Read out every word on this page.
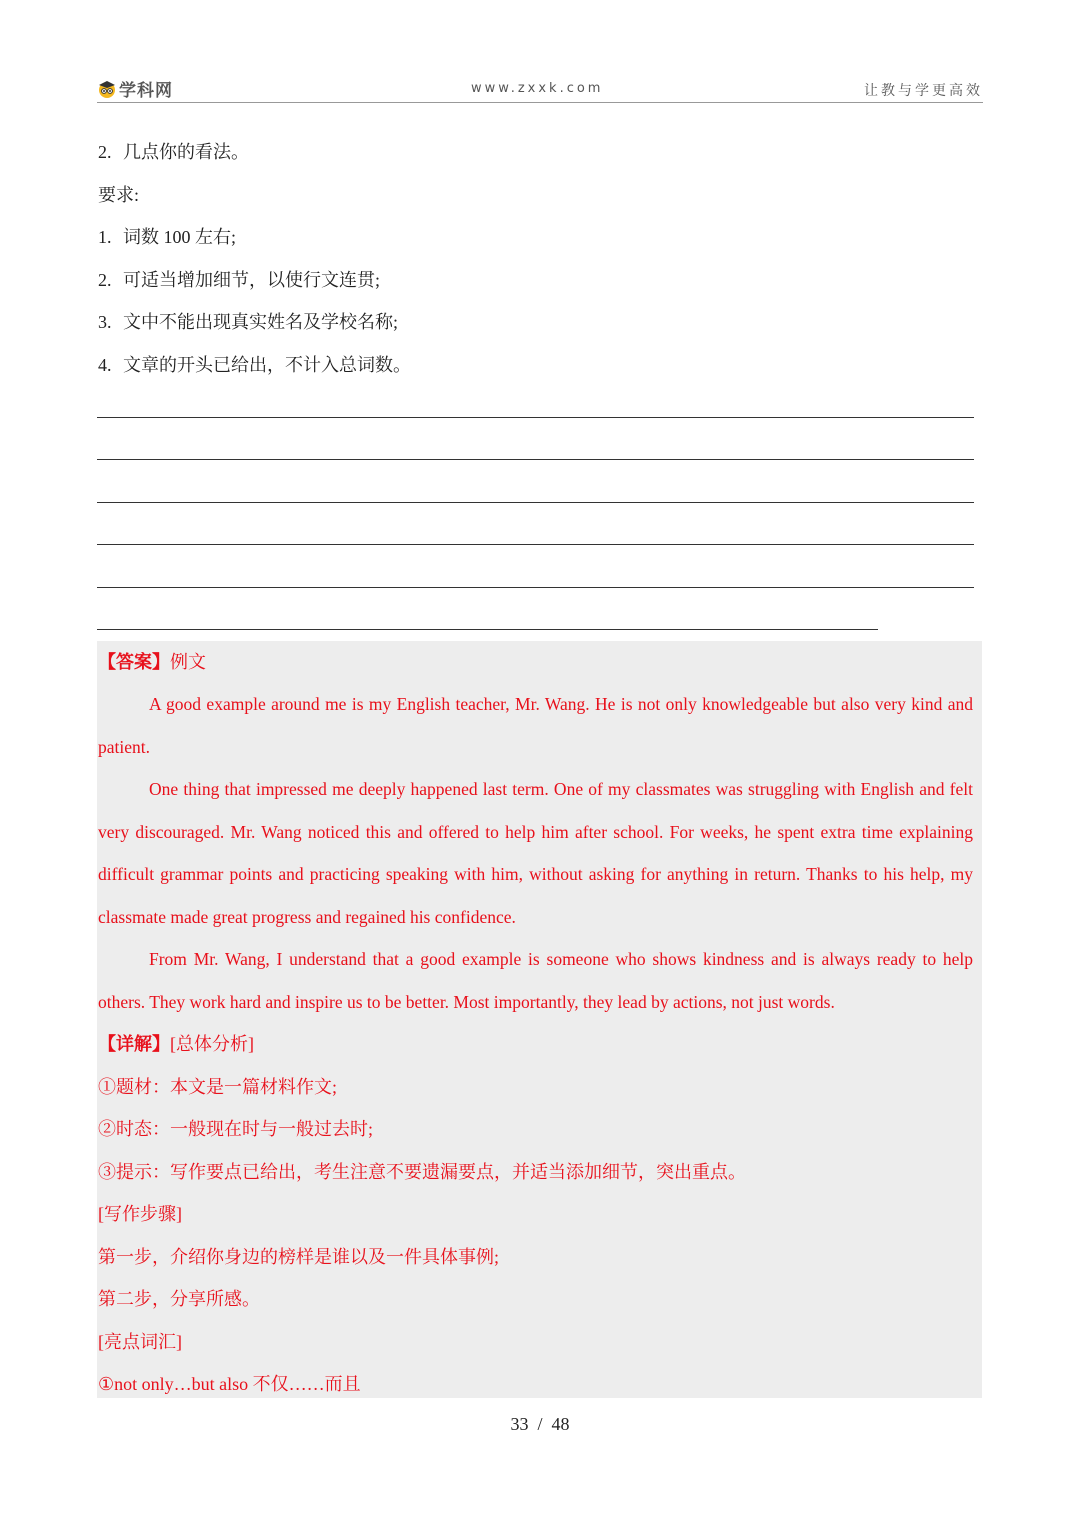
学科网	www.zxxk.com	让教与学更高效
2. 几点你的看法。
要求:
1. 词数 100 左右;
2. 可适当增加细节，以使行文连贯;
3. 文中不能出现真实姓名及学校名称;
4. 文章的开头已给出，不计入总词数。
【答案】例文
A good example around me is my English teacher, Mr. Wang. He is not only knowledgeable but also very kind and patient.
One thing that impressed me deeply happened last term. One of my classmates was struggling with English and felt very discouraged. Mr. Wang noticed this and offered to help him after school. For weeks, he spent extra time explaining difficult grammar points and practicing speaking with him, without asking for anything in return. Thanks to his help, my classmate made great progress and regained his confidence.
From Mr. Wang, I understand that a good example is someone who shows kindness and is always ready to help others. They work hard and inspire us to be better. Most importantly, they lead by actions, not just words.
【详解】[总体分析]
①题材：本文是一篇材料作文;
②时态：一般现在时与一般过去时;
③提示：写作要点已给出，考生注意不要遗漏要点，并适当添加细节，突出重点。
[写作步骤]
第一步，介绍你身边的榜样是谁以及一件具体事例;
第二步，分享所感。
[亮点词汇]
①not only…but also 不仅……而且
33 / 48
